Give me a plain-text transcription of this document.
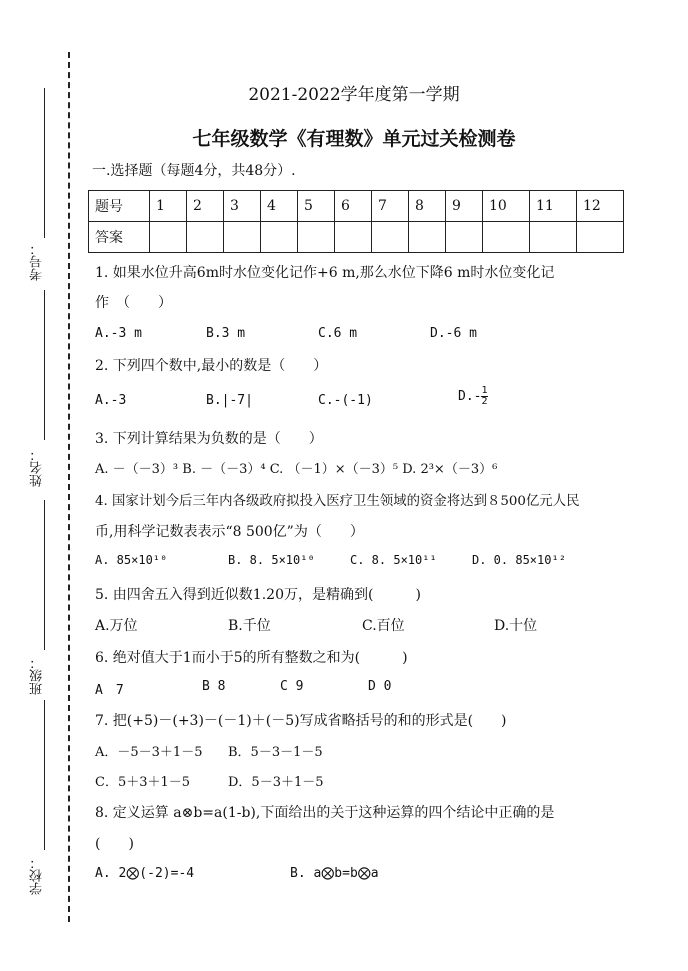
考号：
姓名：
班级：
学校：
2021-2022学年度第一学期
七年级数学《有理数》单元过关检测卷
一.选择题（每题4分，共48分）.
题号	1	2	3	4	5	6	7	8	9	10	11	12
答案												
1. 如果水位升高6m时水位变化记作+6 m,那么水位下降6 m时水位变化记
作　（　　）
A.-3 m	B.3 m	C.6 m	D.-6 m
2. 下列四个数中,最小的数是（　　）
A.-3	B.|-7|	C.-(-1)	$D.- \frac{1}{2}$
3. 下列计算结果为负数的是（　　）
A. －（－3）³ B. －（－3）⁴ C. （－1）×（－3）⁵ D. 2³×（－3）⁶
4. 国家计划今后三年内各级政府拟投入医疗卫生领域的资金将达到８500亿元人民
币,用科学记数表表示“8 500亿”为（　　）
A. 85×10¹⁰	B. 8. 5×10¹⁰	C. 8. 5×10¹¹	D. 0. 85×10¹²
5. 由四舍五入得到近似数1.20万，是精确到(　　　)
A.万位	B.千位	C.百位	D.十位
6. 绝对值大于1而小于5的所有整数之和为(　　　)
A　7	B 8	C 9	D 0
7. 把(+5)－(+3)－(－1)＋(－5)写成省略括号的和的形式是(　　)
A．－5－3＋1－5 B．5－3－1－5
C．5＋3＋1－5	D．5－3＋1－5
8. 定义运算 a⊗b=a(1-b),下面给出的关于这种运算的四个结论中正确的是
(　　)
A. 2⨂(-2)=-4	B. a⨂b=b⨂a
